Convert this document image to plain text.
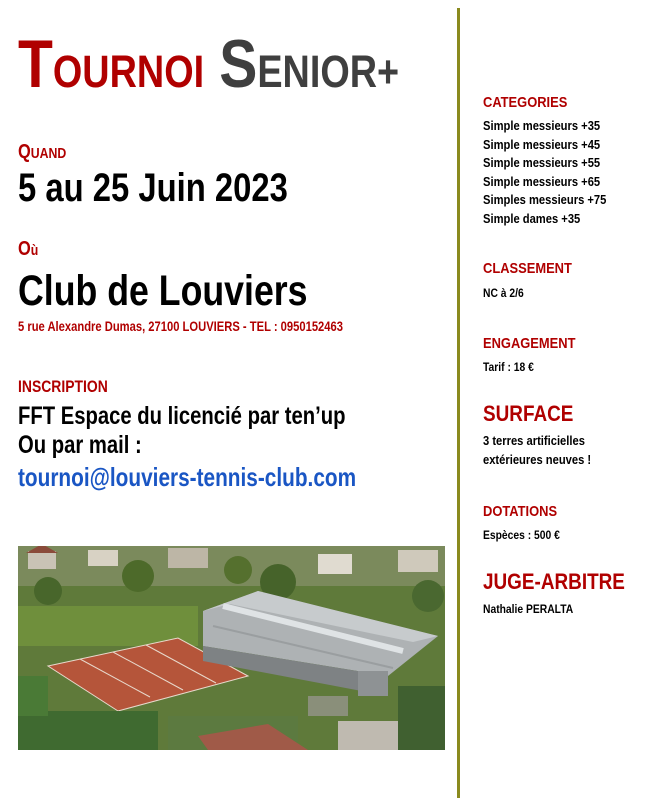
TOURNOI SENIOR+
QUAND
5 au 25 Juin 2023
Où
Club de Louviers
5 rue Alexandre Dumas, 27100 LOUVIERS - TEL : 0950152463
INSCRIPTION
FFT Espace du licencié par ten’up
Ou par mail :
tournoi@louviers-tennis-club.com
CATEGORIES
Simple messieurs +35
Simple messieurs +45
Simple messieurs +55
Simple messieurs +65
Simples messieurs +75
Simple dames +35
CLASSEMENT
NC à 2/6
ENGAGEMENT
Tarif : 18 €
SURFACE
3 terres artificielles
extérieures neuves !
DOTATIONS
Espèces : 500 €
JUGE-ARBITRE
Nathalie PERALTA
